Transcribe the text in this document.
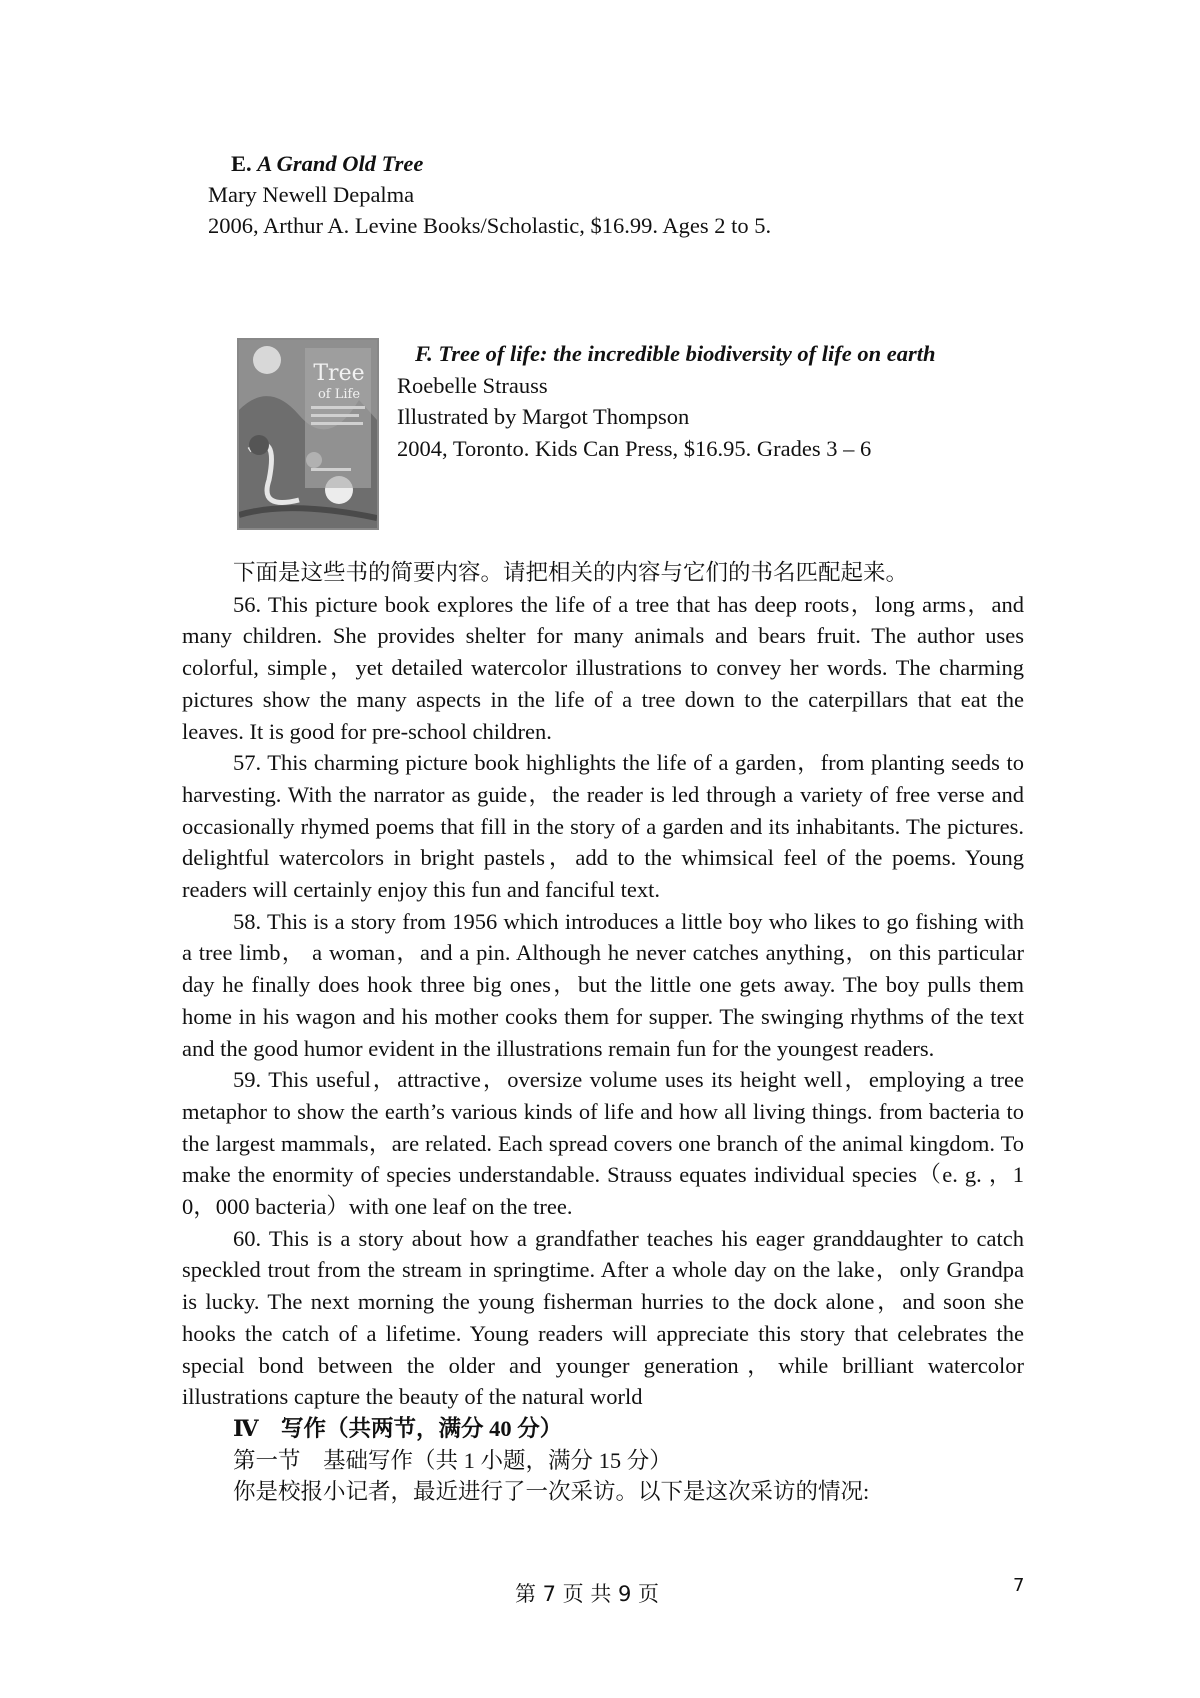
E. A Grand Old Tree
Mary Newell Depalma
2006, Arthur A. Levine Books/Scholastic, $16.99. Ages 2 to 5.
Tree
of Life
F. Tree of life: the incredible biodiversity of life on earth
Roebelle Strauss
Illustrated by Margot Thompson
2004, Toronto. Kids Can Press, $16.95. Grades 3 – 6

下面是这些书的简要内容。请把相关的内容与它们的书名匹配起来。

56. This picture book explores the life of a tree that has deep roots，long arms，and many children. She provides shelter for many animals and bears fruit. The author uses colorful, simple，yet detailed watercolor illustrations to convey her words. The charming pictures show the many aspects in the life of a tree down to the caterpillars that eat the leaves. It is good for pre-school children.

57. This charming picture book highlights the life of a garden，from planting seeds to harvesting. With the narrator as guide，the reader is led through a variety of free verse and occasionally rhymed poems that fill in the story of a garden and its inhabitants. The pictures. delightful watercolors in bright pastels，add to the whimsical feel of the poems. Young readers will certainly enjoy this fun and fanciful text.

58. This is a story from 1956 which introduces a little boy who likes to go fishing with a tree limb， a woman，and a pin. Although he never catches anything，on this particular day he finally does hook three big ones，but the little one gets away. The boy pulls them home in his wagon and his mother cooks them for supper. The swinging rhythms of the text and the good humor evident in the illustrations remain fun for the youngest readers.

59. This useful，attractive，oversize volume uses its height well，employing a tree metaphor to show the earth’s various kinds of life and how all living things. from bacteria to the largest mammals，are related. Each spread covers one branch of the animal kingdom. To make the enormity of species understandable. Strauss equates individual species（e. g. ，1 0，000 bacteria）with one leaf on the tree.

60. This is a story about how a grandfather teaches his eager granddaughter to catch speckled trout from the stream in springtime. After a whole day on the lake，only Grandpa is lucky. The next morning the young fisherman hurries to the dock alone，and soon she hooks the catch of a lifetime. Young readers will appreciate this story that celebrates the special bond between the older and younger generation，while brilliant watercolor illustrations capture the beauty of the natural world

Ⅳ　写作（共两节，满分 40 分）

第一节　基础写作（共 1 小题，满分 15 分）

你是校报小记者，最近进行了一次采访。以下是这次采访的情况:

第 7 页 共 9 页	7
